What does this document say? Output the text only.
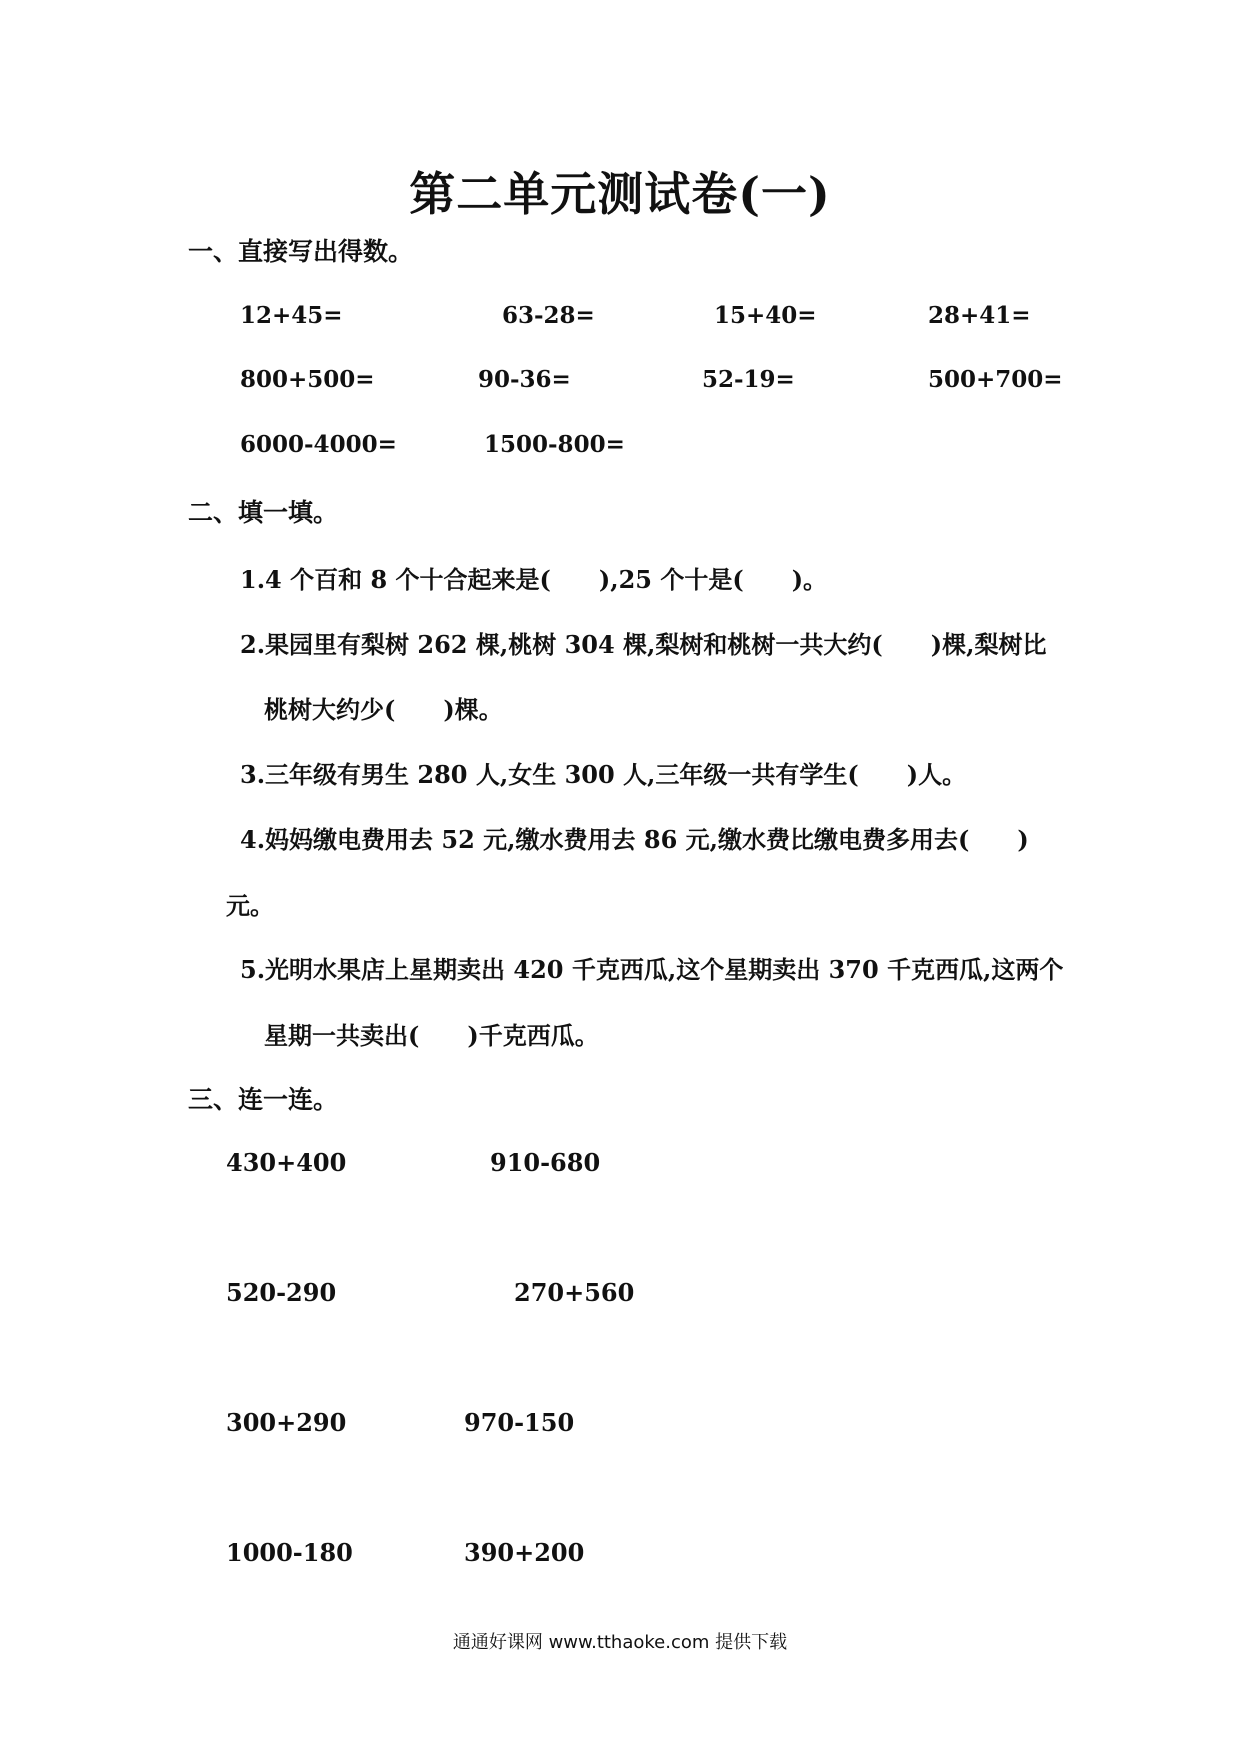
第二单元测试卷(一)
一、直接写出得数。
12+45=	63-28=	15+40=	28+41=
800+500=	90-36=	52-19=	500+700=
6000-4000=	1500-800=
二、填一填。
1.4 个百和 8 个十合起来是(　　),25 个十是(　　)。
2.果园里有梨树 262 棵,桃树 304 棵,梨树和桃树一共大约(　　)棵,梨树比
桃树大约少(　　)棵。
3.三年级有男生 280 人,女生 300 人,三年级一共有学生(　　)人。
4.妈妈缴电费用去 52 元,缴水费用去 86 元,缴水费比缴电费多用去(　　)
元。
5.光明水果店上星期卖出 420 千克西瓜,这个星期卖出 370 千克西瓜,这两个
星期一共卖出(　　)千克西瓜。
三、连一连。
430+400	910-680
520-290	270+560
300+290	970-150
1000-180	390+200
通通好课网 www.tthaoke.com 提供下载
